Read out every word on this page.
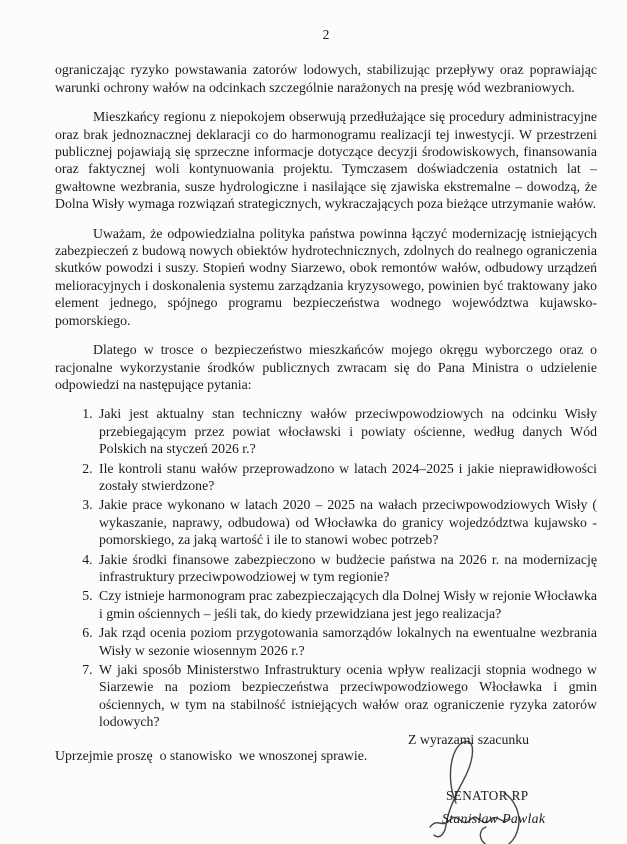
2

ograniczając ryzyko powstawania zatorów lodowych, stabilizując przepływy oraz poprawiając warunki ochrony wałów na odcinkach szczególnie narażonych na presję wód wezbraniowych.

Mieszkańcy regionu z niepokojem obserwują przedłużające się procedury administracyjne oraz brak jednoznacznej deklaracji co do harmonogramu realizacji tej inwestycji. W przestrzeni publicznej pojawiają się sprzeczne informacje dotyczące decyzji środowiskowych, finansowania oraz faktycznej woli kontynuowania projektu. Tymczasem doświadczenia ostatnich lat – gwałtowne wezbrania, susze hydrologiczne i nasilające się zjawiska ekstremalne – dowodzą, że Dolna Wisły wymaga rozwiązań strategicznych, wykraczających poza bieżące utrzymanie wałów.

Uważam, że odpowiedzialna polityka państwa powinna łączyć modernizację istniejących zabezpieczeń z budową nowych obiektów hydrotechnicznych, zdolnych do realnego ograniczenia skutków powodzi i suszy. Stopień wodny Siarzewo, obok remontów wałów, odbudowy urządzeń melioracyjnych i doskonalenia systemu zarządzania kryzysowego, powinien być traktowany jako element jednego, spójnego programu bezpieczeństwa wodnego województwa kujawsko-pomorskiego.

Dlatego w trosce o bezpieczeństwo mieszkańców mojego okręgu wyborczego oraz o racjonalne wykorzystanie środków publicznych zwracam się do Pana Ministra o udzielenie odpowiedzi na następujące pytania:

1. Jaki jest aktualny stan techniczny wałów przeciwpowodziowych na odcinku Wisły przebiegającym przez powiat włocławski i powiaty ościenne, według danych Wód Polskich na styczeń 2026 r.?
2. Ile kontroli stanu wałów przeprowadzono w latach 2024–2025 i jakie nieprawidłowości zostały stwierdzone?
3. Jakie prace wykonano w latach 2020 – 2025 na wałach przeciwpowodziowych Wisły ( wykaszanie, naprawy, odbudowa) od Włocławka do granicy wojedzództwa kujawsko - pomorskiego, za jaką wartość i ile to stanowi wobec potrzeb?
4. Jakie środki finansowe zabezpieczono w budżecie państwa na 2026 r. na modernizację infrastruktury przeciwpowodziowej w tym regionie?
5. Czy istnieje harmonogram prac zabezpieczających dla Dolnej Wisły w rejonie Włocławka i gmin ościennych – jeśli tak, do kiedy przewidziana jest jego realizacja?
6. Jak rząd ocenia poziom przygotowania samorządów lokalnych na ewentualne wezbrania Wisły w sezonie wiosennym 2026 r.?
7. W jaki sposób Ministerstwo Infrastruktury ocenia wpływ realizacji stopnia wodnego w Siarzewie na poziom bezpieczeństwa przeciwpowodziowego Włocławka i gmin ościennych, w tym na stabilność istniejących wałów oraz ograniczenie ryzyka zatorów lodowych?

Uprzejmie proszę  o stanowisko  we wnoszonej sprawie.

Z wyrazami szacunku
SENATOR RP
Stanisław Pawlak
